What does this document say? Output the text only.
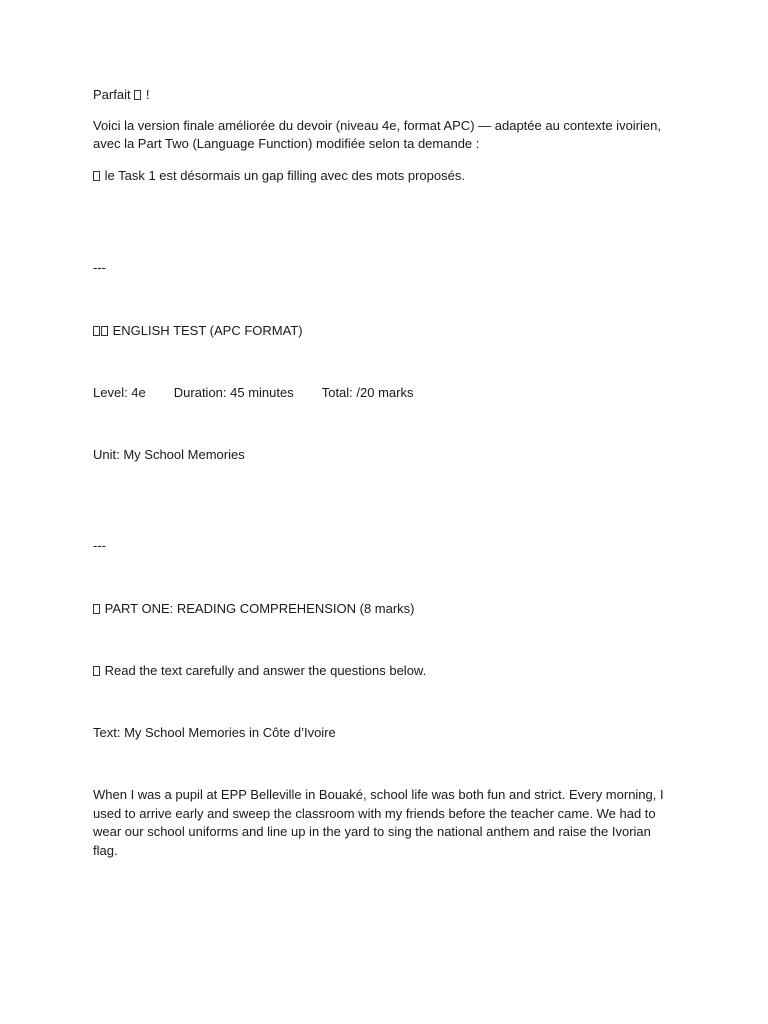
Parfait !
Voici la version finale améliorée du devoir (niveau 4e, format APC) — adaptée au contexte ivoirien,
avec la Part Two (Language Function) modifiée selon ta demande :
le Task 1 est désormais un gap filling avec des mots proposés.
---
ENGLISH TEST (APC FORMAT)
Level: 4e Duration: 45 minutes Total: /20 marks
Unit: My School Memories
---
PART ONE: READING COMPREHENSION (8 marks)
Read the text carefully and answer the questions below.
Text: My School Memories in Côte d’Ivoire
When I was a pupil at EPP Belleville in Bouaké, school life was both fun and strict. Every morning, I
used to arrive early and sweep the classroom with my friends before the teacher came. We had to
wear our school uniforms and line up in the yard to sing the national anthem and raise the Ivorian
flag.
